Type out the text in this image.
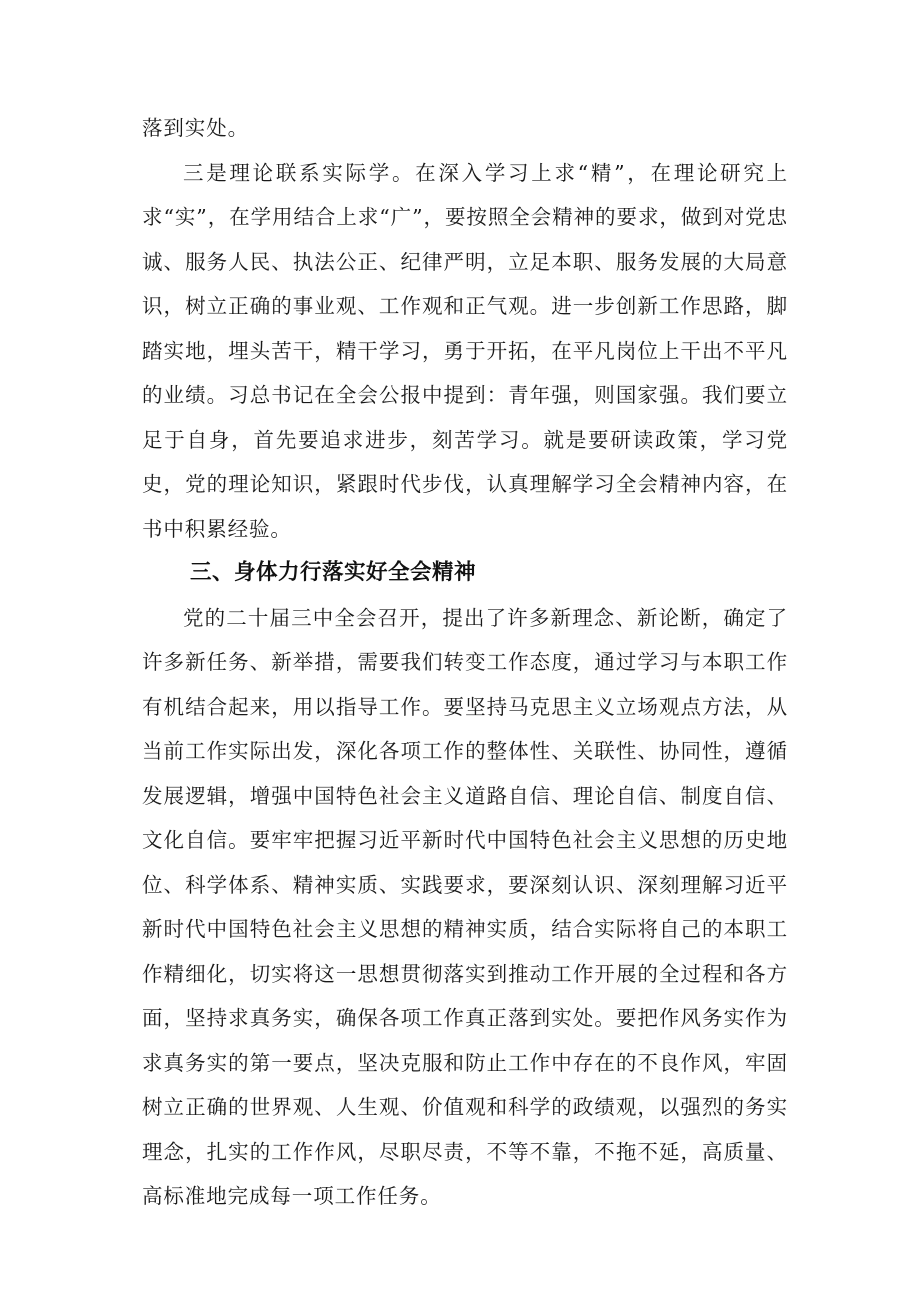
落到实处。

三是理论联系实际学。在深入学习上求“精”，在理论研究上求“实”，在学用结合上求“广”，要按照全会精神的要求，做到对党忠诚、服务人民、执法公正、纪律严明，立足本职、服务发展的大局意识，树立正确的事业观、工作观和正气观。进一步创新工作思路，脚踏实地，埋头苦干，精干学习，勇于开拓，在平凡岗位上干出不平凡的业绩。习总书记在全会公报中提到：青年强，则国家强。我们要立足于自身，首先要追求进步，刻苦学习。就是要研读政策，学习党史，党的理论知识，紧跟时代步伐，认真理解学习全会精神内容，在书中积累经验。

三、身体力行落实好全会精神

党的二十届三中全会召开，提出了许多新理念、新论断，确定了许多新任务、新举措，需要我们转变工作态度，通过学习与本职工作有机结合起来，用以指导工作。要坚持马克思主义立场观点方法，从当前工作实际出发，深化各项工作的整体性、关联性、协同性，遵循发展逻辑，增强中国特色社会主义道路自信、理论自信、制度自信、文化自信。要牢牢把握习近平新时代中国特色社会主义思想的历史地位、科学体系、精神实质、实践要求，要深刻认识、深刻理解习近平新时代中国特色社会主义思想的精神实质，结合实际将自己的本职工作精细化，切实将这一思想贯彻落实到推动工作开展的全过程和各方面，坚持求真务实，确保各项工作真正落到实处。要把作风务实作为求真务实的第一要点，坚决克服和防止工作中存在的不良作风，牢固树立正确的世界观、人生观、价值观和科学的政绩观，以强烈的务实理念，扎实的工作作风，尽职尽责，不等不靠，不拖不延，高质量、高标准地完成每一项工作任务。
